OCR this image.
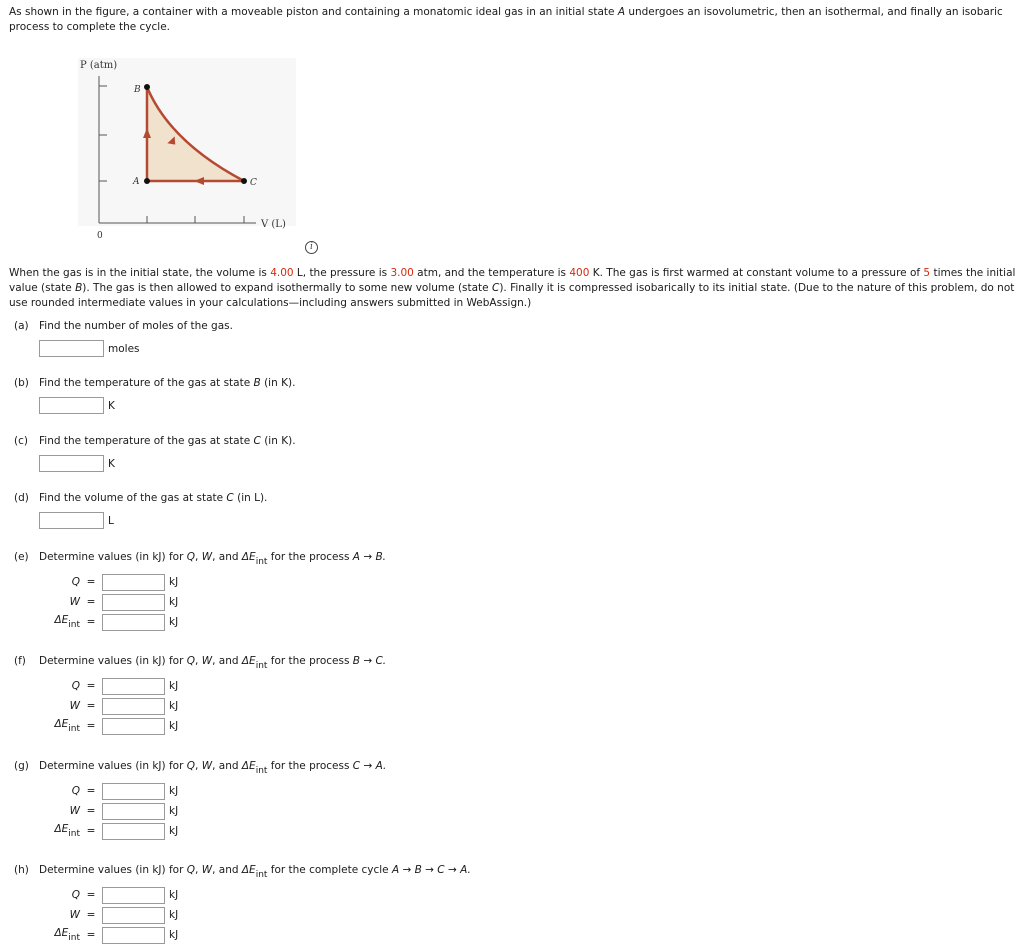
As shown in the figure, a container with a moveable piston and containing a monatomic ideal gas in an initial state A undergoes an isovolumetric, then an isothermal, and finally an isobaric process to complete the cycle.
P (atm)
V (L)
0
A
B
C
i
When the gas is in the initial state, the volume is 4.00 L, the pressure is 3.00 atm, and the temperature is 400 K. The gas is first warmed at constant volume to a pressure of 5 times the initial value (state B). The gas is then allowed to expand isothermally to some new volume (state C). Finally it is compressed isobarically to its initial state. (Due to the nature of this problem, do not use rounded intermediate values in your calculations—including answers submitted in WebAssign.)
(a) Find the number of moles of the gas.
moles
(b) Find the temperature of the gas at state B (in K).
K
(c) Find the temperature of the gas at state C (in K).
K
(d) Find the volume of the gas at state C (in L).
L
(e) Determine values (in kJ) for Q, W, and $\Delta E_{int}$ for the process A → B.
Q =	kJ
W =	kJ
$\Delta E_{int}$ =	kJ
(f) Determine values (in kJ) for Q, W, and $\Delta E_{int}$ for the process B → C.
Q =	kJ
W =	kJ
$\Delta E_{int}$ =	kJ
(g) Determine values (in kJ) for Q, W, and $\Delta E_{int}$ for the process C → A.
Q =	kJ
W =	kJ
$\Delta E_{int}$ =	kJ
(h) Determine values (in kJ) for Q, W, and $\Delta E_{int}$ for the complete cycle A → B → C → A.
Q =	kJ
W =	kJ
$\Delta E_{int}$ =	kJ
